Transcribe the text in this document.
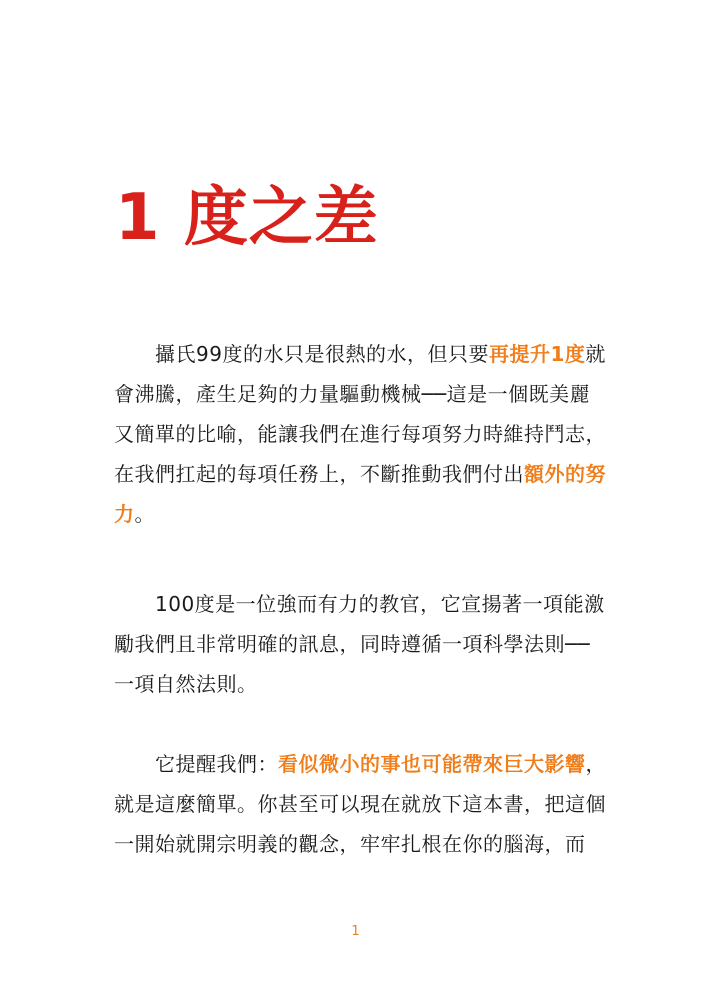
1 度之差
　　攝氏99度的水只是很熱的水，但只要再提升1度就
會沸騰，產生足夠的力量驅動機械──這是一個既美麗
又簡單的比喻，能讓我們在進行每項努力時維持鬥志，
在我們扛起的每項任務上，不斷推動我們付出額外的努
力。
　　100度是一位強而有力的教官，它宣揚著一項能激
勵我們且非常明確的訊息，同時遵循一項科學法則──
一項自然法則。
　　它提醒我們：看似微小的事也可能帶來巨大影響，
就是這麼簡單。你甚至可以現在就放下這本書，把這個
一開始就開宗明義的觀念，牢牢扎根在你的腦海，而
1
